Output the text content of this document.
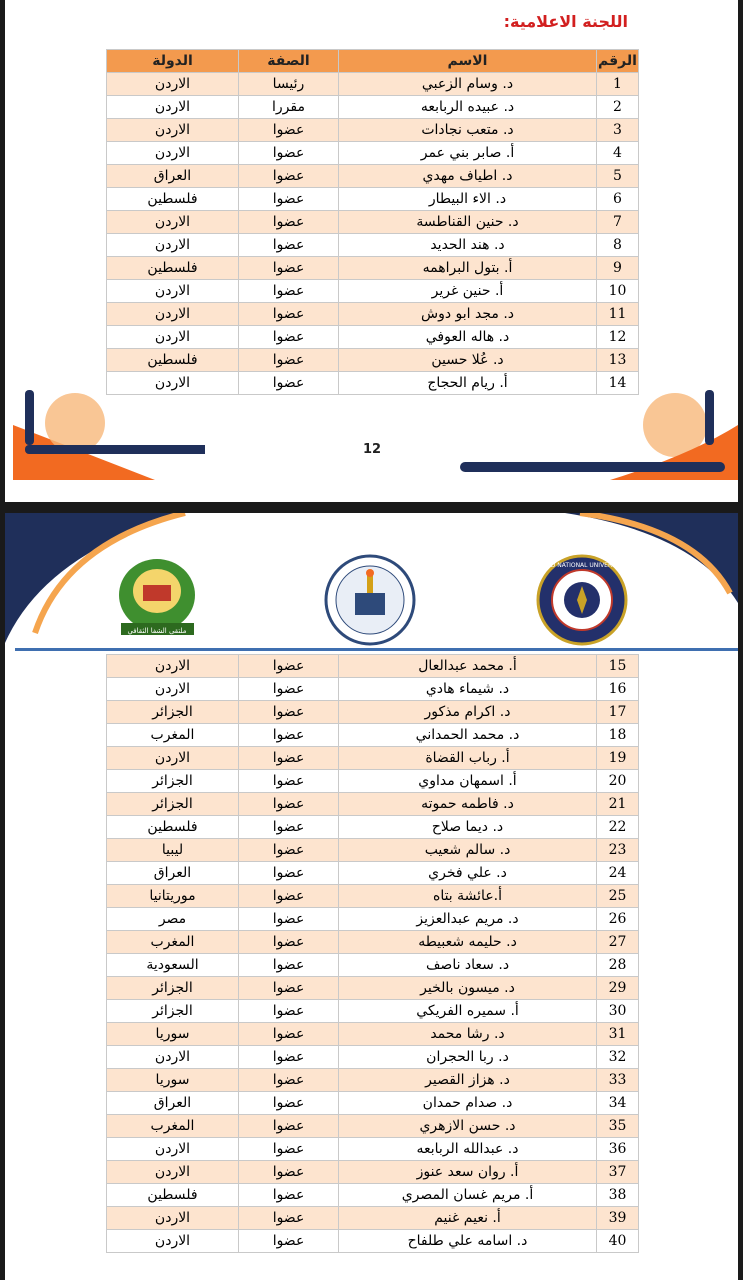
اللجنة الاعلامية:
الرقم	الاسم	الصفة	الدولة
1	د. وسام الزعبي	رئيسا	الاردن
2	د. عبيده الربابعه	مقررا	الاردن
3	د. متعب نجادات	عضوا	الاردن
4	أ. صابر بني عمر	عضوا	الاردن
5	د. اطياف مهدي	عضوا	العراق
6	د. الاء البيطار	عضوا	فلسطين
7	د. حنين القناطسة	عضوا	الاردن
8	د. هند الحديد	عضوا	الاردن
9	أ. بتول البراهمه	عضوا	فلسطين
10	أ. حنين غرير	عضوا	الاردن
11	د. مجد ابو دوش	عضوا	الاردن
12	د. هاله العوفي	عضوا	الاردن
13	د. عُلا حسين	عضوا	فلسطين
14	أ. ريام الحجاج	عضوا	الاردن
12
ملتقى الشفا الثقافي
IRBID NATIONAL UNIVERSITY
15	أ. محمد عبدالعال	عضوا	الاردن
16	د. شيماء هادي	عضوا	الاردن
17	د. اكرام مذكور	عضوا	الجزائر
18	د. محمد الحمداني	عضوا	المغرب
19	أ. رباب القضاة	عضوا	الاردن
20	أ. اسمهان مداوي	عضوا	الجزائر
21	د. فاطمه حموته	عضوا	الجزائر
22	د. ديما صلاح	عضوا	فلسطين
23	د. سالم شعيب	عضوا	ليبيا
24	د. علي فخري	عضوا	العراق
25	أ.عائشة بتاه	عضوا	موريتانيا
26	د. مريم عبدالعزيز	عضوا	مصر
27	د. حليمه شعبيطه	عضوا	المغرب
28	د. سعاد ناصف	عضوا	السعودية
29	د. ميسون بالخير	عضوا	الجزائر
30	أ. سميره الفريكي	عضوا	الجزائر
31	د. رشا محمد	عضوا	سوريا
32	د. ربا الحجران	عضوا	الاردن
33	د. هزاز القصير	عضوا	سوريا
34	د. صدام حمدان	عضوا	العراق
35	د. حسن الازهري	عضوا	المغرب
36	د. عبدالله الربابعه	عضوا	الاردن
37	أ. روان سعد عنوز	عضوا	الاردن
38	أ. مريم غسان المصري	عضوا	فلسطين
39	أ. نعيم غنيم	عضوا	الاردن
40	د. اسامه علي طلفاح	عضوا	الاردن
